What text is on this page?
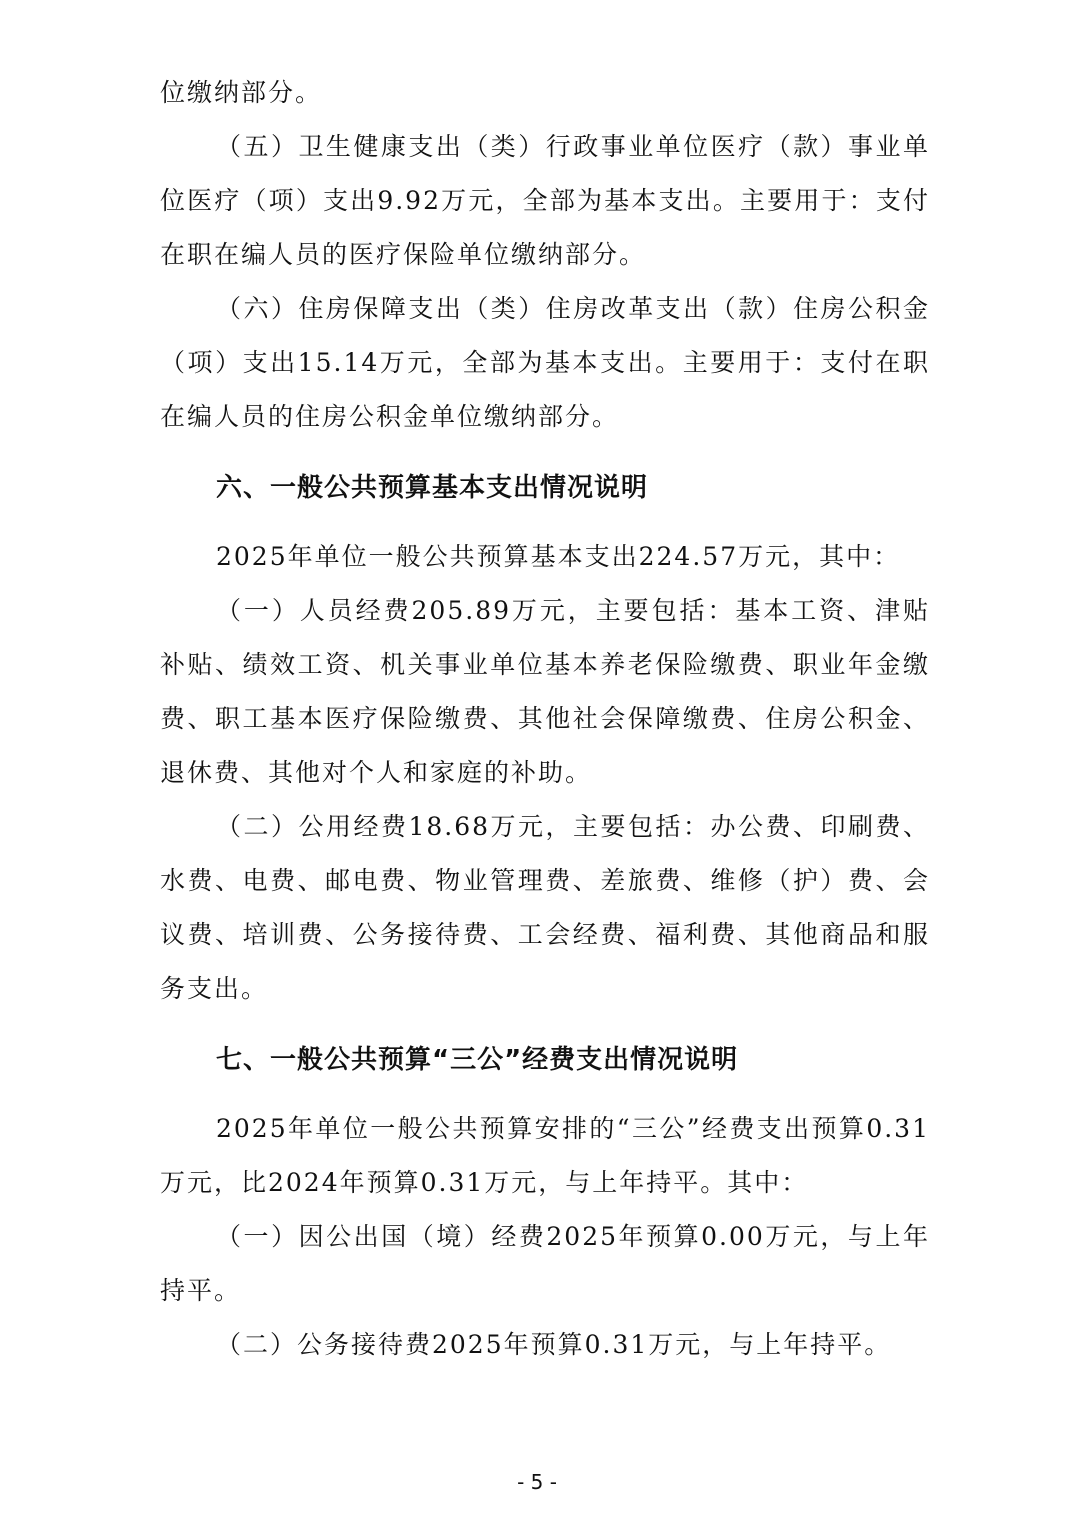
位缴纳部分。

（五）卫生健康支出（类）行政事业单位医疗（款）事业单位医疗（项）支出9.92万元，全部为基本支出。主要用于：支付在职在编人员的医疗保险单位缴纳部分。

（六）住房保障支出（类）住房改革支出（款）住房公积金（项）支出15.14万元，全部为基本支出。主要用于：支付在职在编人员的住房公积金单位缴纳部分。

六、一般公共预算基本支出情况说明

2025年单位一般公共预算基本支出224.57万元，其中：

（一）人员经费205.89万元，主要包括：基本工资、津贴补贴、绩效工资、机关事业单位基本养老保险缴费、职业年金缴费、职工基本医疗保险缴费、其他社会保障缴费、住房公积金、退休费、其他对个人和家庭的补助。

（二）公用经费18.68万元，主要包括：办公费、印刷费、水费、电费、邮电费、物业管理费、差旅费、维修（护）费、会议费、培训费、公务接待费、工会经费、福利费、其他商品和服务支出。

七、一般公共预算“三公”经费支出情况说明

2025年单位一般公共预算安排的“三公”经费支出预算0.31万元，比2024年预算0.31万元，与上年持平。其中：

（一）因公出国（境）经费2025年预算0.00万元，与上年持平。

（二）公务接待费2025年预算0.31万元，与上年持平。

- 5 -
